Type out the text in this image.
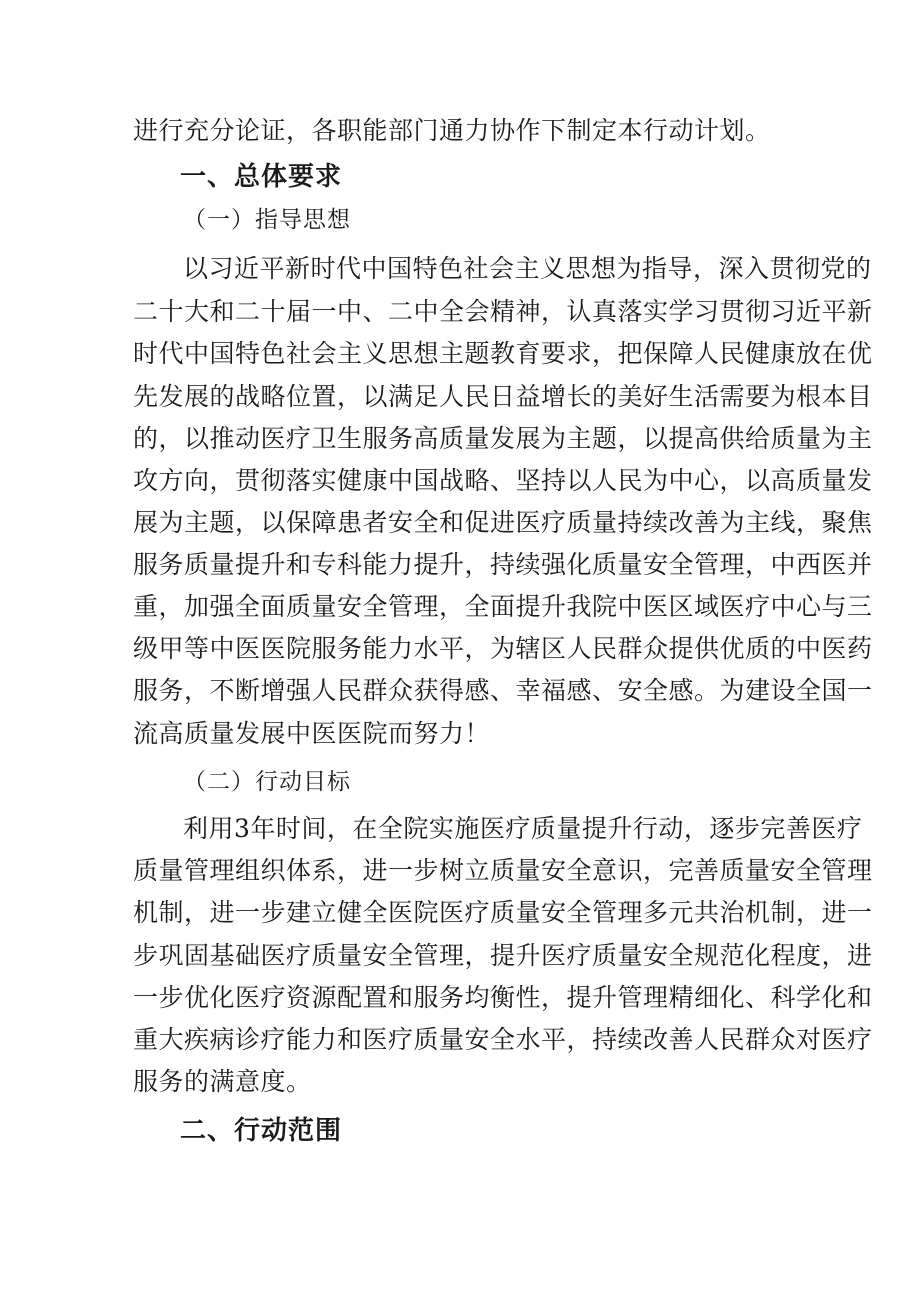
进行充分论证，各职能部门通力协作下制定本行动计划。
一、总体要求
（一）指导思想
以习近平新时代中国特色社会主义思想为指导，深入贯彻党的
二十大和二十届一中、二中全会精神，认真落实学习贯彻习近平新
时代中国特色社会主义思想主题教育要求，把保障人民健康放在优
先发展的战略位置，以满足人民日益增长的美好生活需要为根本目
的，以推动医疗卫生服务高质量发展为主题，以提高供给质量为主
攻方向，贯彻落实健康中国战略、坚持以人民为中心，以高质量发
展为主题，以保障患者安全和促进医疗质量持续改善为主线，聚焦
服务质量提升和专科能力提升，持续强化质量安全管理，中西医并
重，加强全面质量安全管理，全面提升我院中医区域医疗中心与三
级甲等中医医院服务能力水平，为辖区人民群众提供优质的中医药
服务，不断增强人民群众获得感、幸福感、安全感。为建设全国一
流高质量发展中医医院而努力！
（二）行动目标
利用3年时间，在全院实施医疗质量提升行动，逐步完善医疗
质量管理组织体系，进一步树立质量安全意识，完善质量安全管理
机制，进一步建立健全医院医疗质量安全管理多元共治机制，进一
步巩固基础医疗质量安全管理，提升医疗质量安全规范化程度，进
一步优化医疗资源配置和服务均衡性，提升管理精细化、科学化和
重大疾病诊疗能力和医疗质量安全水平，持续改善人民群众对医疗
服务的满意度。
二、行动范围
